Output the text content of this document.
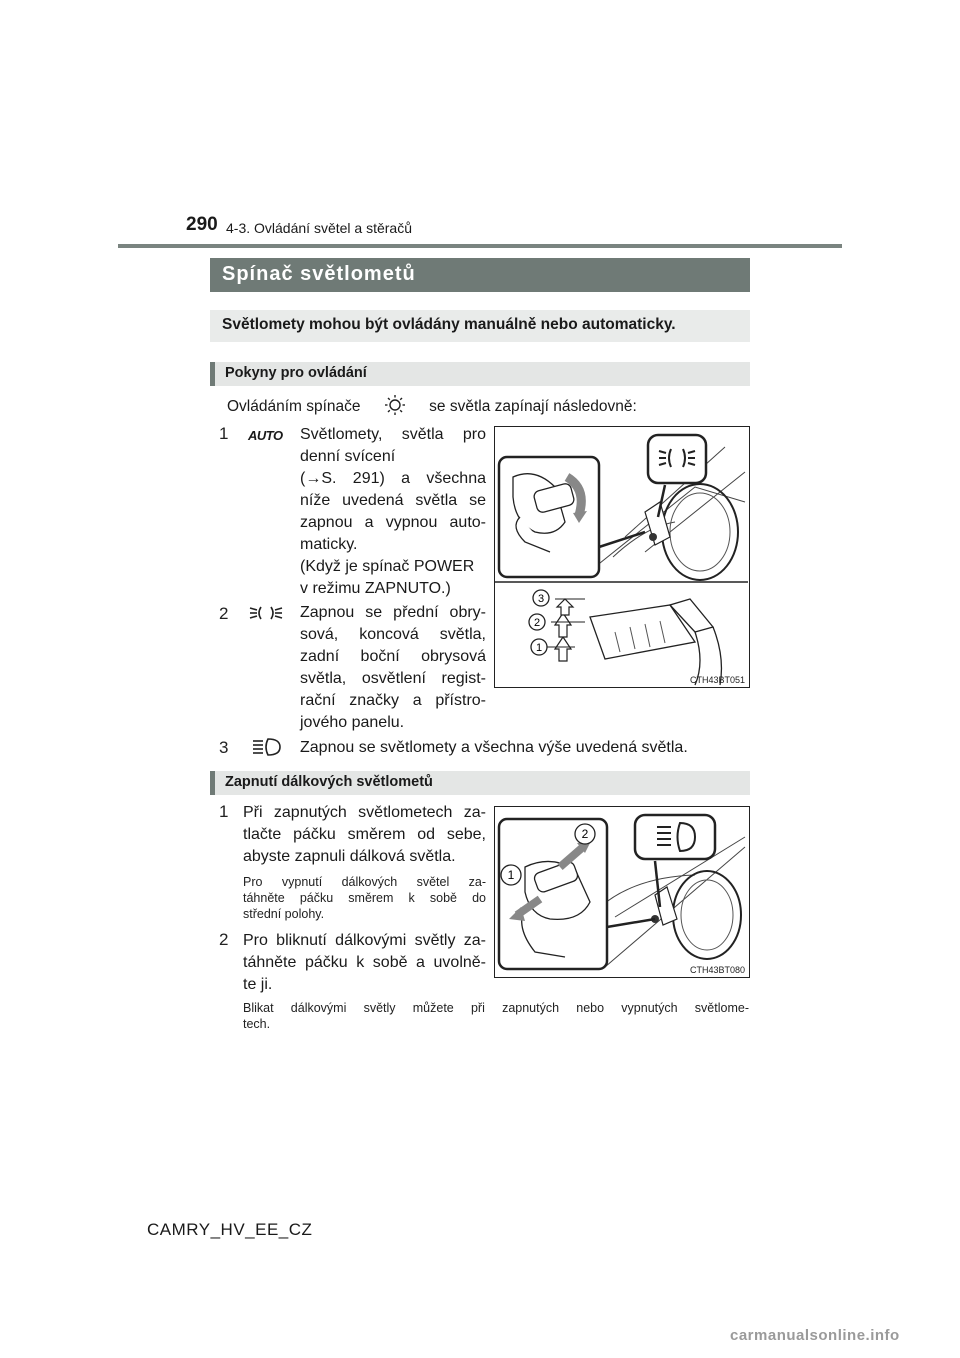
290 4-3. Ovládání světel a stěračů
Spínač světlometů
Světlomety mohou být ovládány manuálně nebo automaticky.
Pokyny pro ovládání
Ovládáním spínače	se světla zapínají následovně:
1 AUTO Světlomety, světla pro
denní svícení
(→S. 291) a všechna
níže uvedená světla se
zapnou a vypnou auto-
maticky.
(Když je spínač POWER
v režimu ZAPNUTO.)
2	Zapnou se přední obry-
sová, koncová světla,
zadní boční obrysová
světla, osvětlení regist-
rační značky a přístro-
jového panelu.
3
2
1
CTH43BT051
3	Zapnou se světlomety a všechna výše uvedená světla.
Zapnutí dálkových světlometů
1 Při zapnutých světlometech za-
tlačte páčku směrem od sebe,
abyste zapnuli dálková světla.
Pro vypnutí dálkových světel za-
táhněte páčku směrem k sobě do
střední polohy.
2 Pro bliknutí dálkovými světly za-
táhněte páčku k sobě a uvolně-
te ji.
2
1
CTH43BT080
Blikat dálkovými světly můžete při zapnutých nebo vypnutých světlome-
tech.
CAMRY_HV_EE_CZ
carmanualsonline.info
